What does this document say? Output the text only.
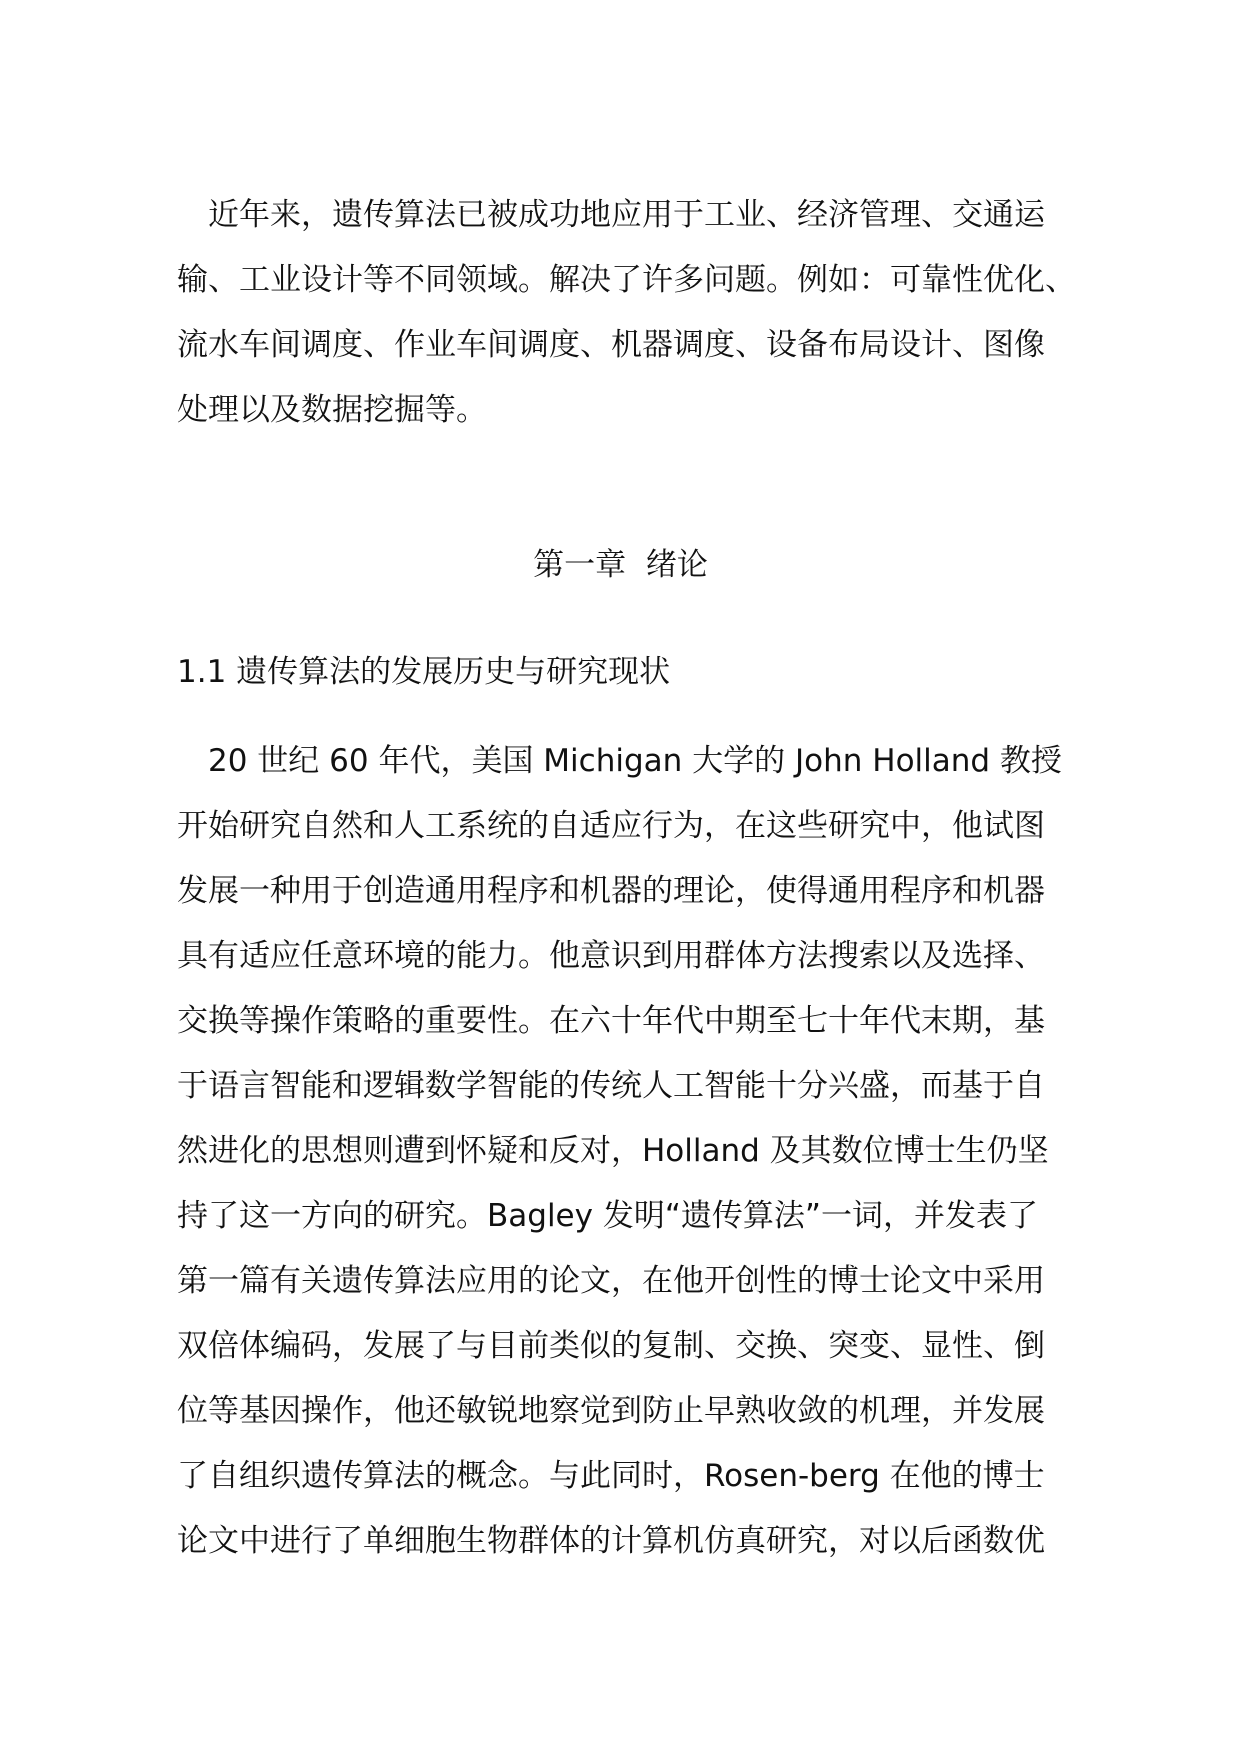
　近年来，遗传算法已被成功地应用于工业、经济管理、交通运
输、工业设计等不同领域。解决了许多问题。例如：可靠性优化、
流水车间调度、作业车间调度、机器调度、设备布局设计、图像
处理以及数据挖掘等。
第一章  绪论
1.1 遗传算法的发展历史与研究现状
　20 世纪 60 年代，美国 Michigan 大学的 John Holland 教授
开始研究自然和人工系统的自适应行为，在这些研究中，他试图
发展一种用于创造通用程序和机器的理论，使得通用程序和机器
具有适应任意环境的能力。他意识到用群体方法搜索以及选择、
交换等操作策略的重要性。在六十年代中期至七十年代末期，基
于语言智能和逻辑数学智能的传统人工智能十分兴盛，而基于自
然进化的思想则遭到怀疑和反对，Holland 及其数位博士生仍坚
持了这一方向的研究。Bagley 发明“遗传算法”一词，并发表了
第一篇有关遗传算法应用的论文，在他开创性的博士论文中采用
双倍体编码，发展了与目前类似的复制、交换、突变、显性、倒
位等基因操作，他还敏锐地察觉到防止早熟收敛的机理，并发展
了自组织遗传算法的概念。与此同时，Rosen-berg 在他的博士
论文中进行了单细胞生物群体的计算机仿真研究，对以后函数优
